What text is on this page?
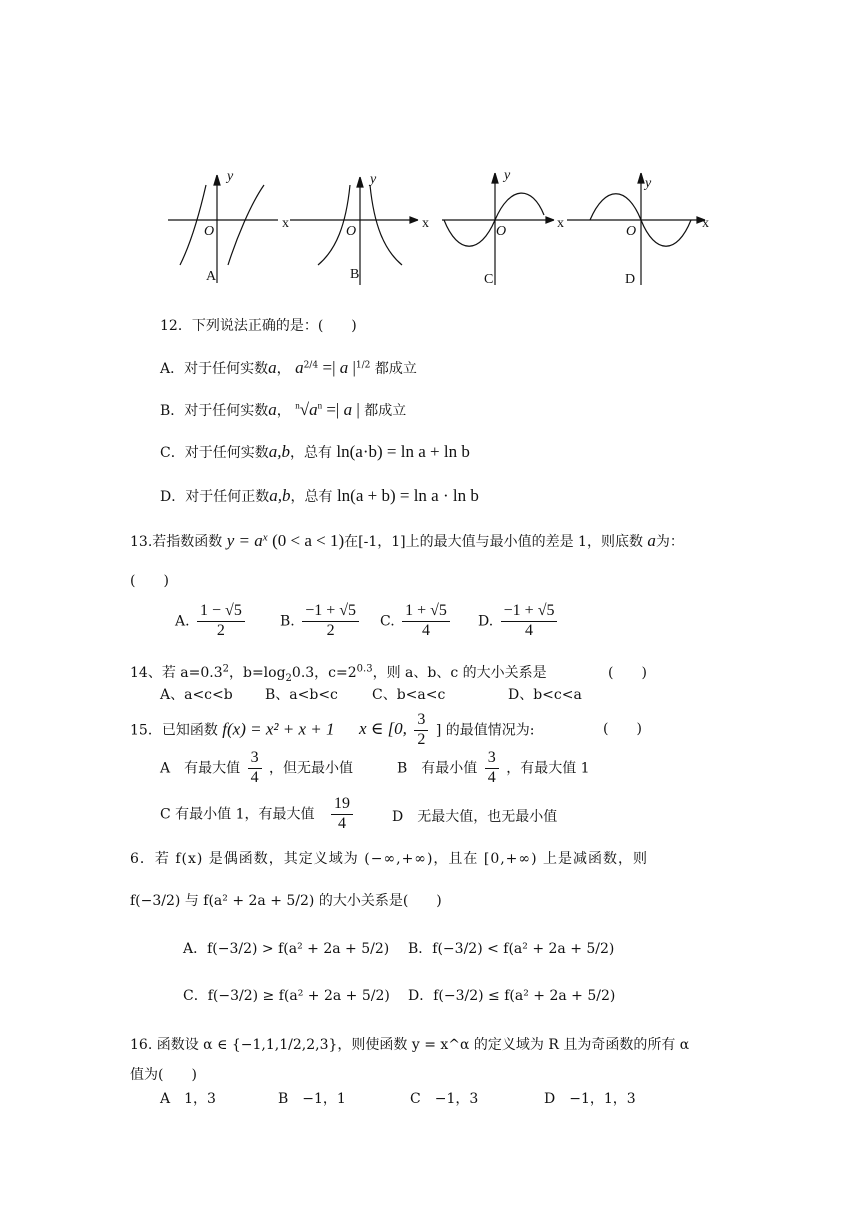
y
O
x
A
y
O
x
B
y
O
x
C
y
O
x
D
12．下列说法正确的是：(　　)
A．对于任何实数a， $a^{2/4}$ =| a $|^{1/2}$ 都成立
B．对于任何实数a， $^n√a^n$ =| a | 都成立
C．对于任何实数a,b，总有 ln(a·b) = ln a + ln b
D．对于任何正数a,b，总有 ln(a + b) = ln a · ln b
13.若指数函数 $y = a^x$ (0 < a < 1)在[-1，1]上的最大值与最小值的差是 1，则底数 a为：
(　　)
A. $\frac{1 - √5}{2}$	B. $\frac{-1 + √5}{2} C$. $\frac{1 + √5}{4} D$. $\frac{-1 + √5}{4}$
14、若 $a=0.3^2$，$b=\log_20.3$，$c=2^{0.3}$，则 a、b、c 的大小关系是	(　　)
A、a<c<b B、a<b<c C、b<a<c	D、b<c<a
15．已知函数 f(x) = x² + x + 1 x ∈ [0, $\frac{3}{2}$ ] 的最值情况为:	(　　)
A　有最大值 $\frac{3}{4}$ ，但无最小值	B　有最小值 $\frac{3}{4}$ ，有最大值 1
C 有最小值 1，有最大值 $\frac{19}{4}$	D　无最大值，也无最小值
6．若 f(x) 是偶函数，其定义域为 (−∞,+∞)，且在 [0,+∞) 上是减函数，则
f(−3/2) 与 f(a² + 2a + 5/2) 的大小关系是(　　)
A．f(−3/2) > f(a² + 2a + 5/2) B．f(−3/2) < f(a² + 2a + 5/2)
C．f(−3/2) ≥ f(a² + 2a + 5/2) D．f(−3/2) ≤ f(a² + 2a + 5/2)
16. 函数设 α ∈ {−1,1,1/2,2,3}，则使函数 y = x^α 的定义域为 R 且为奇函数的所有 α
值为(　　)
A　1，3	B　−1，1	C　−1，3	D　−1，1，3
